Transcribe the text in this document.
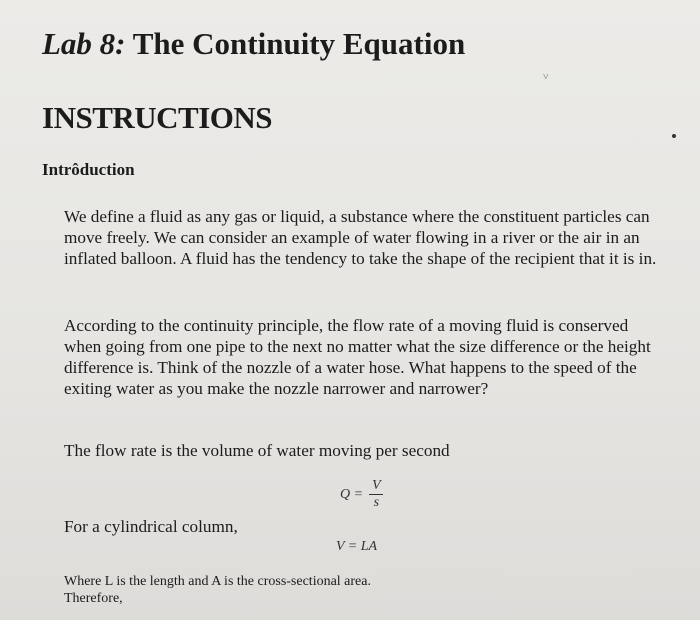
Lab 8: The Continuity Equation
˅
INSTRUCTIONS
Intrôduction

We define a fluid as any gas or liquid, a substance where the constituent particles can move freely. We can consider an example of water flowing in a river or the air in an inflated balloon. A fluid has the tendency to take the shape of the recipient that it is in.

According to the continuity principle, the flow rate of a moving fluid is conserved when going from one pipe to the next no matter what the size difference or the height difference is. Think of the nozzle of a water hose. What happens to the speed of the exiting water as you make the nozzle narrower and narrower?

The flow rate is the volume of water moving per second

$Q = \frac{V}{s}$

For a cylindrical column,

V = LA

Where L is the length and A is the cross-sectional area.
Therefore,
